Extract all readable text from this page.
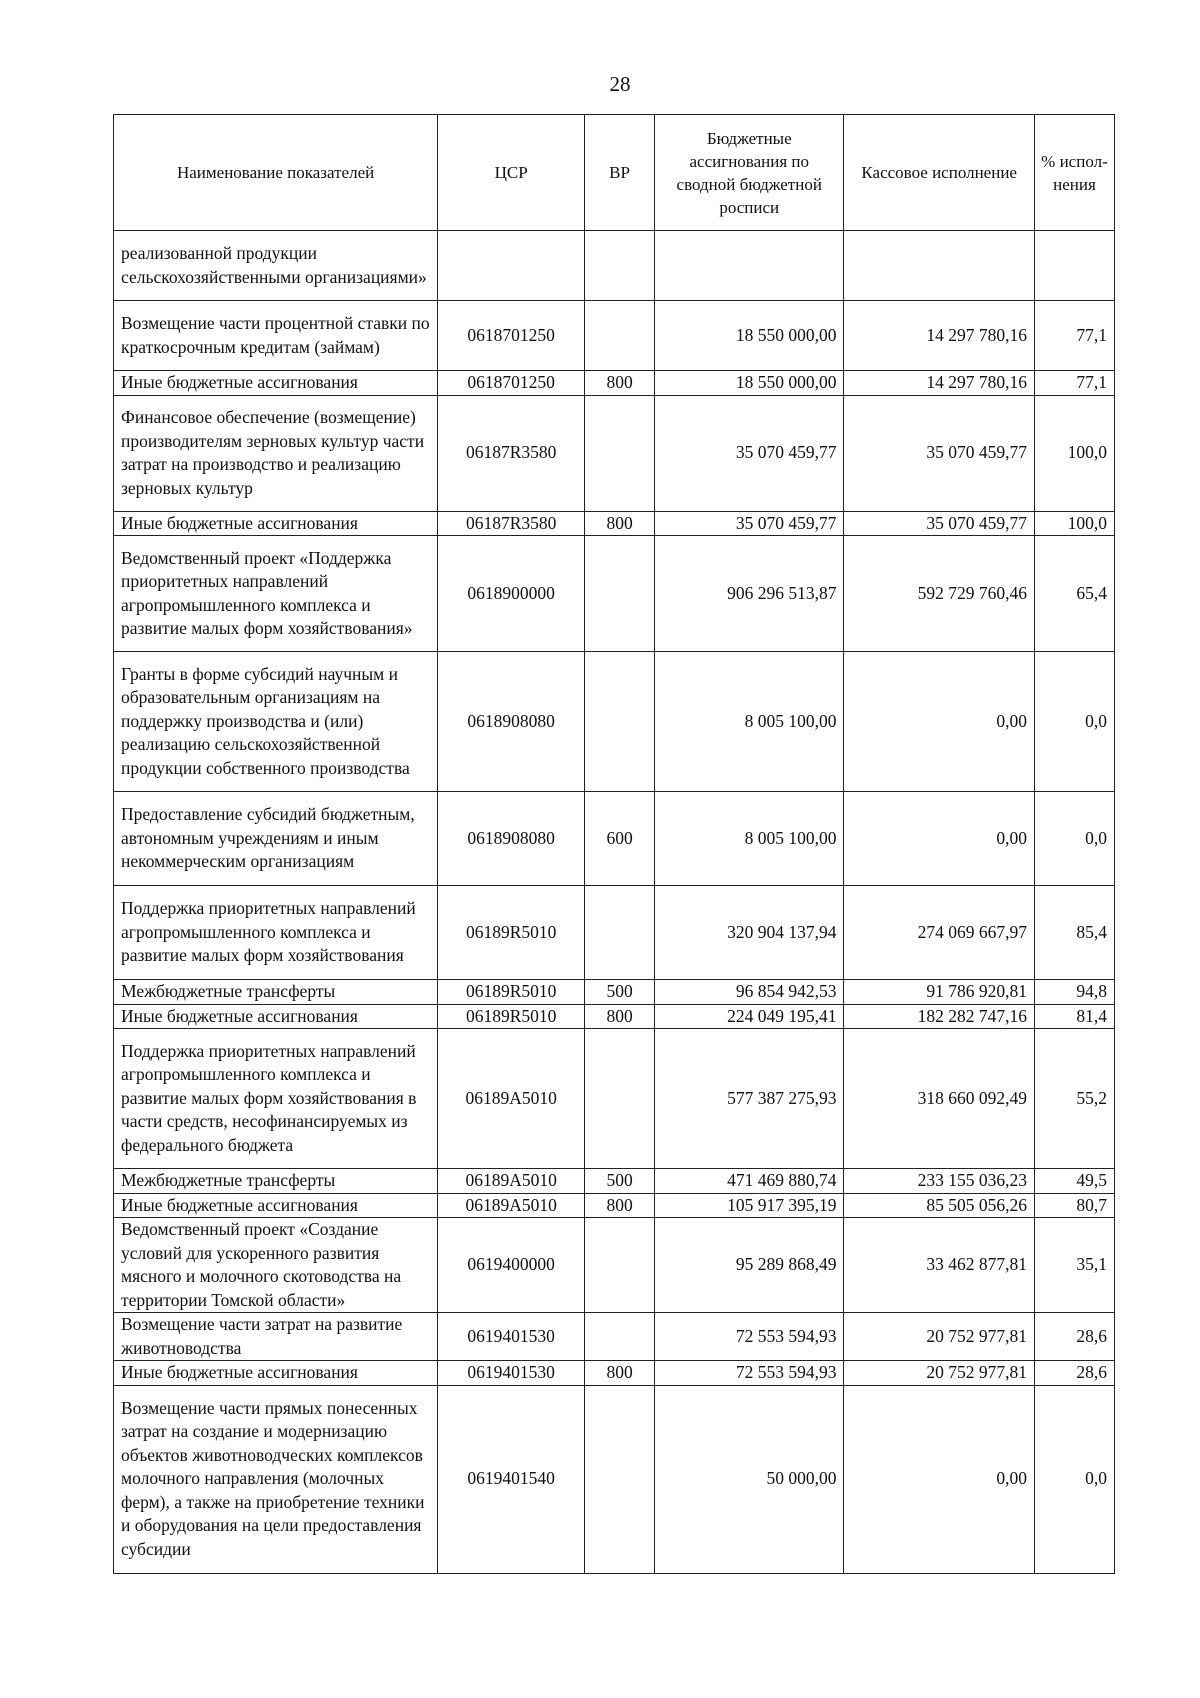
28
Наименование показателей	ЦСР	ВР	Бюджетные ассигнования по сводной бюджетной росписи	Кассовое исполнение	% испол-нения
реализованной продукции сельскохозяйственными организациями»					
Возмещение части процентной ставки по краткосрочным кредитам (займам)	0618701250		18 550 000,00	14 297 780,16	77,1
Иные бюджетные ассигнования	0618701250	800	18 550 000,00	14 297 780,16	77,1
Финансовое обеспечение (возмещение) производителям зерновых культур части затрат на производство и реализацию зерновых культур	06187R3580		35 070 459,77	35 070 459,77	100,0
Иные бюджетные ассигнования	06187R3580	800	35 070 459,77	35 070 459,77	100,0
Ведомственный проект «Поддержка приоритетных направлений агропромышленного комплекса и развитие малых форм хозяйствования»	0618900000		906 296 513,87	592 729 760,46	65,4
Гранты в форме субсидий научным и образовательным организациям на поддержку производства и (или) реализацию сельскохозяйственной продукции собственного производства	0618908080		8 005 100,00	0,00	0,0
Предоставление субсидий бюджетным, автономным учреждениям и иным некоммерческим организациям	0618908080	600	8 005 100,00	0,00	0,0
Поддержка приоритетных направлений агропромышленного комплекса и развитие малых форм хозяйствования	06189R5010		320 904 137,94	274 069 667,97	85,4
Межбюджетные трансферты	06189R5010	500	96 854 942,53	91 786 920,81	94,8
Иные бюджетные ассигнования	06189R5010	800	224 049 195,41	182 282 747,16	81,4
Поддержка приоритетных направлений агропромышленного комплекса и развитие малых форм хозяйствования в части средств, несофинансируемых из федерального бюджета	06189A5010		577 387 275,93	318 660 092,49	55,2
Межбюджетные трансферты	06189A5010	500	471 469 880,74	233 155 036,23	49,5
Иные бюджетные ассигнования	06189A5010	800	105 917 395,19	85 505 056,26	80,7
Ведомственный проект «Создание условий для ускоренного развития мясного и молочного скотоводства на территории Томской области»	0619400000		95 289 868,49	33 462 877,81	35,1
Возмещение части затрат на развитие животноводства	0619401530		72 553 594,93	20 752 977,81	28,6
Иные бюджетные ассигнования	0619401530	800	72 553 594,93	20 752 977,81	28,6
Возмещение части прямых понесенных затрат на создание и модернизацию объектов животноводческих комплексов молочного направления (молочных ферм), а также на приобретение техники и оборудования на цели предоставления субсидии	0619401540		50 000,00	0,00	0,0
